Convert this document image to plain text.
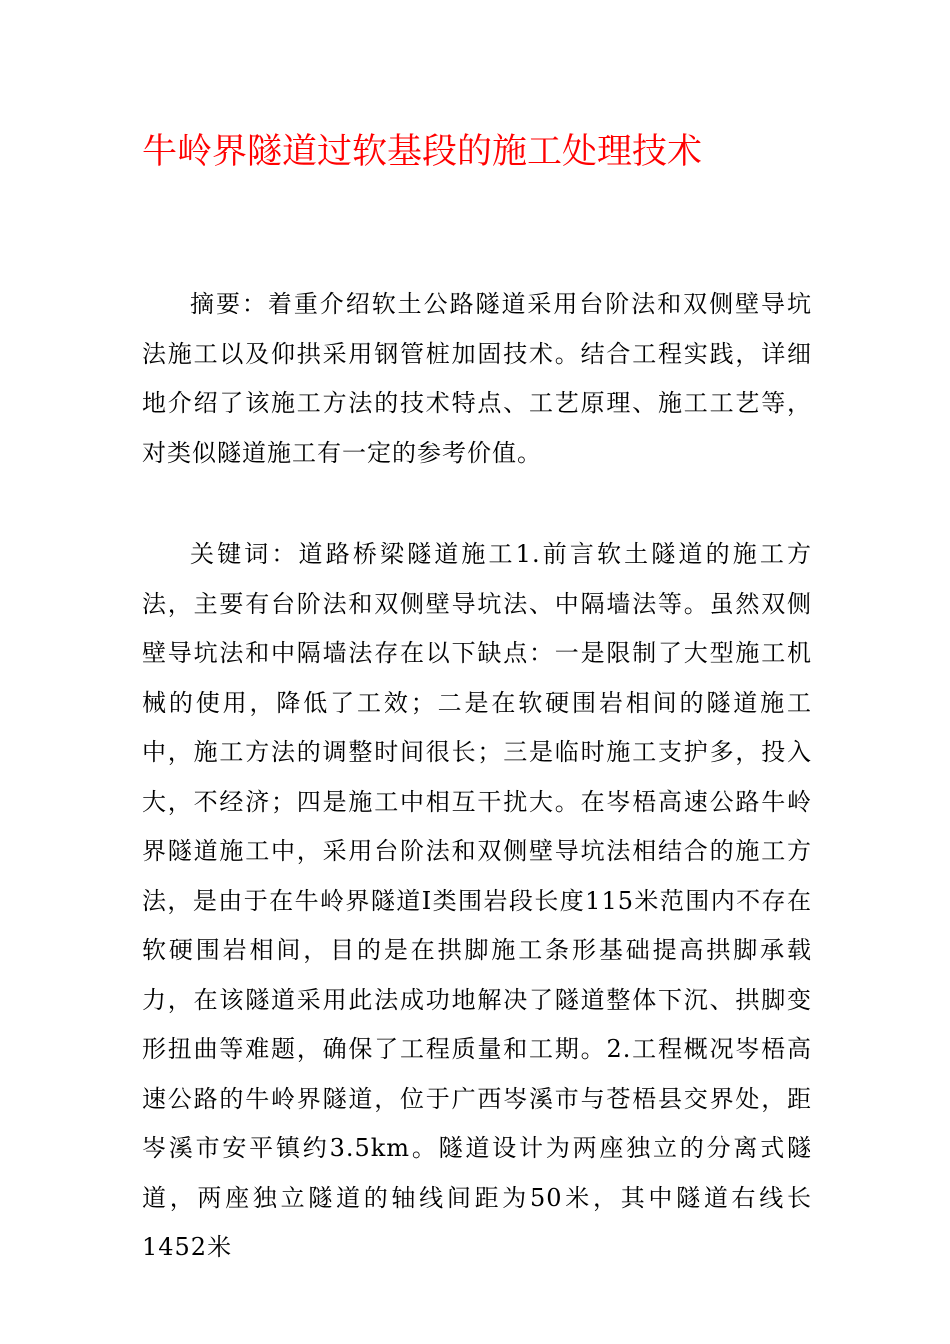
牛岭界隧道过软基段的施工处理技术

摘要：着重介绍软土公路隧道采用台阶法和双侧壁导坑法施工以及仰拱采用钢管桩加固技术。结合工程实践，详细地介绍了该施工方法的技术特点、工艺原理、施工工艺等，对类似隧道施工有一定的参考价值。

关键词：道路桥梁隧道施工1.前言软土隧道的施工方法，主要有台阶法和双侧壁导坑法、中隔墙法等。虽然双侧壁导坑法和中隔墙法存在以下缺点：一是限制了大型施工机械的使用，降低了工效；二是在软硬围岩相间的隧道施工中，施工方法的调整时间很长；三是临时施工支护多，投入大，不经济；四是施工中相互干扰大。在岑梧高速公路牛岭界隧道施工中，采用台阶法和双侧壁导坑法相结合的施工方法，是由于在牛岭界隧道Ⅰ类围岩段长度115米范围内不存在软硬围岩相间，目的是在拱脚施工条形基础提高拱脚承载力，在该隧道采用此法成功地解决了隧道整体下沉、拱脚变形扭曲等难题，确保了工程质量和工期。2.工程概况岑梧高速公路的牛岭界隧道，位于广西岑溪市与苍梧县交界处，距岑溪市安平镇约3.5km。隧道设计为两座独立的分离式隧道，两座独立隧道的轴线间距为50米，其中隧道右线长1452米
